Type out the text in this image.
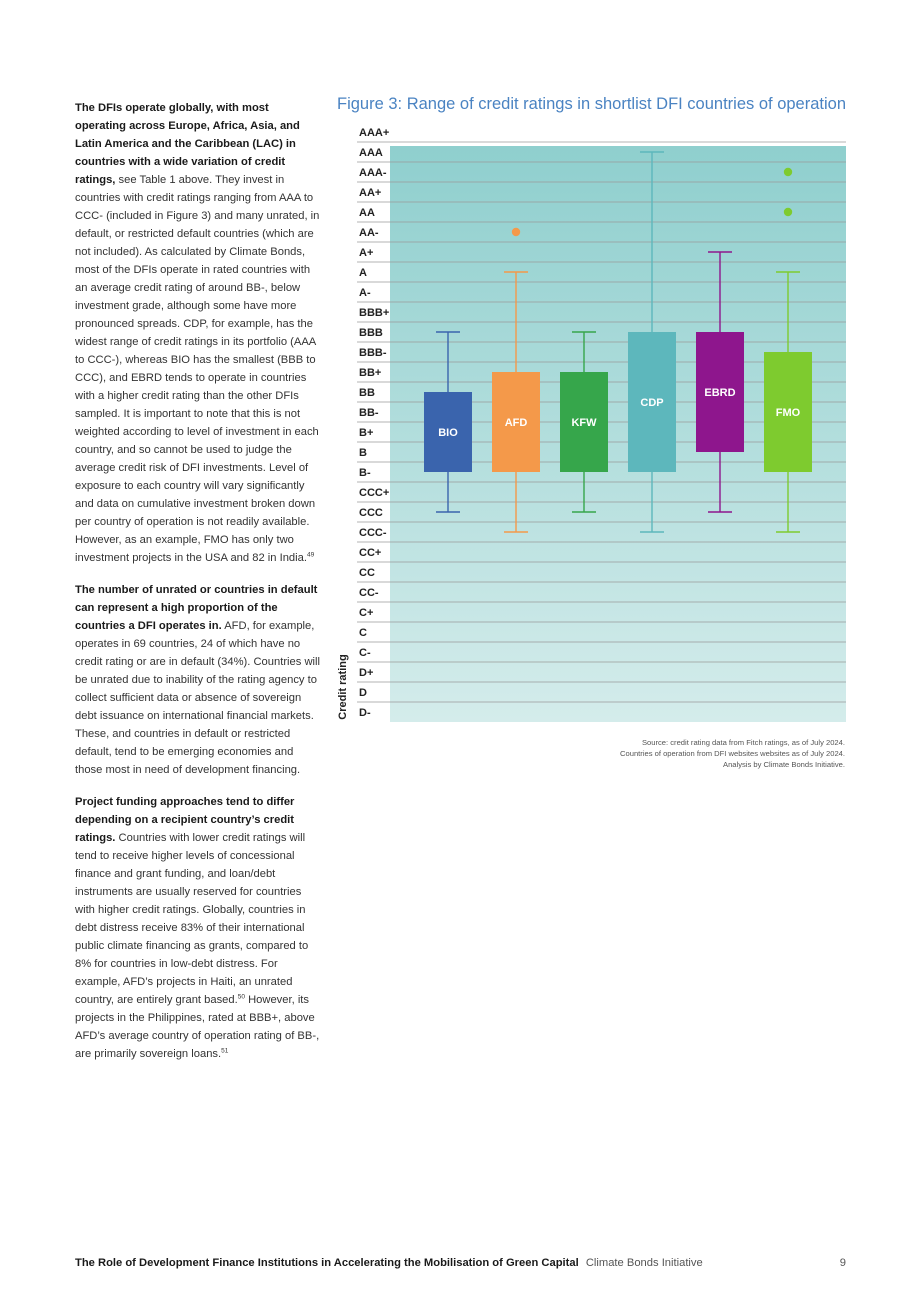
The DFIs operate globally, with most operating across Europe, Africa, Asia, and Latin America and the Caribbean (LAC) in countries with a wide variation of credit ratings, see Table 1 above. They invest in countries with credit ratings ranging from AAA to CCC- (included in Figure 3) and many unrated, in default, or restricted default countries (which are not included). As calculated by Climate Bonds, most of the DFIs operate in rated countries with an average credit rating of around BB-, below investment grade, although some have more pronounced spreads. CDP, for example, has the widest range of credit ratings in its portfolio (AAA to CCC-), whereas BIO has the smallest (BBB to CCC), and EBRD tends to operate in countries with a higher credit rating than the other DFIs sampled. It is important to note that this is not weighted according to level of investment in each country, and so cannot be used to judge the average credit risk of DFI investments. Level of exposure to each country will vary significantly and data on cumulative investment broken down per country of operation is not readily available. However, as an example, FMO has only two investment projects in the USA and 82 in India.$^{49}$

The number of unrated or countries in default can represent a high proportion of the countries a DFI operates in. AFD, for example, operates in 69 countries, 24 of which have no credit rating or are in default (34%). Countries will be unrated due to inability of the rating agency to collect sufficient data or absence of sovereign debt issuance on international financial markets. These, and countries in default or restricted default, tend to be emerging economies and those most in need of development financing.

Project funding approaches tend to differ depending on a recipient country’s credit ratings. Countries with lower credit ratings will tend to receive higher levels of concessional finance and grant funding, and loan/debt instruments are usually reserved for countries with higher credit ratings. Globally, countries in debt distress receive 83% of their international public climate financing as grants, compared to 8% for countries in low-debt distress. For example, AFD’s projects in Haiti, an unrated country, are entirely grant based.$^{50}$ However, its projects in the Philippines, rated at BBB+, above AFD’s average country of operation rating of BB-, are primarily sovereign loans.$^{51}$

Figure 3: Range of credit ratings in shortlist DFI countries of operation
AAA+
AAA
AAA-
AA+
AA
AA-
A+
A
A-
BBB+
BBB
BBB-
BB+
BB
BB-
B+
B
B-
CCC+
CCC
CCC-
CC+
CC
CC-
C+
C
C-
D+
D
D-
Credit rating
BIO
AFD	KFW
CDP
EBRD
FMO
Source: credit rating data from Fitch ratings, as of July 2024.
Countries of operation from DFI websites websites as of July 2024.
Analysis by Climate Bonds Initiative.
The Role of Development Finance Institutions in Accelerating the Mobilisation of Green Capital Climate Bonds Initiative	9
